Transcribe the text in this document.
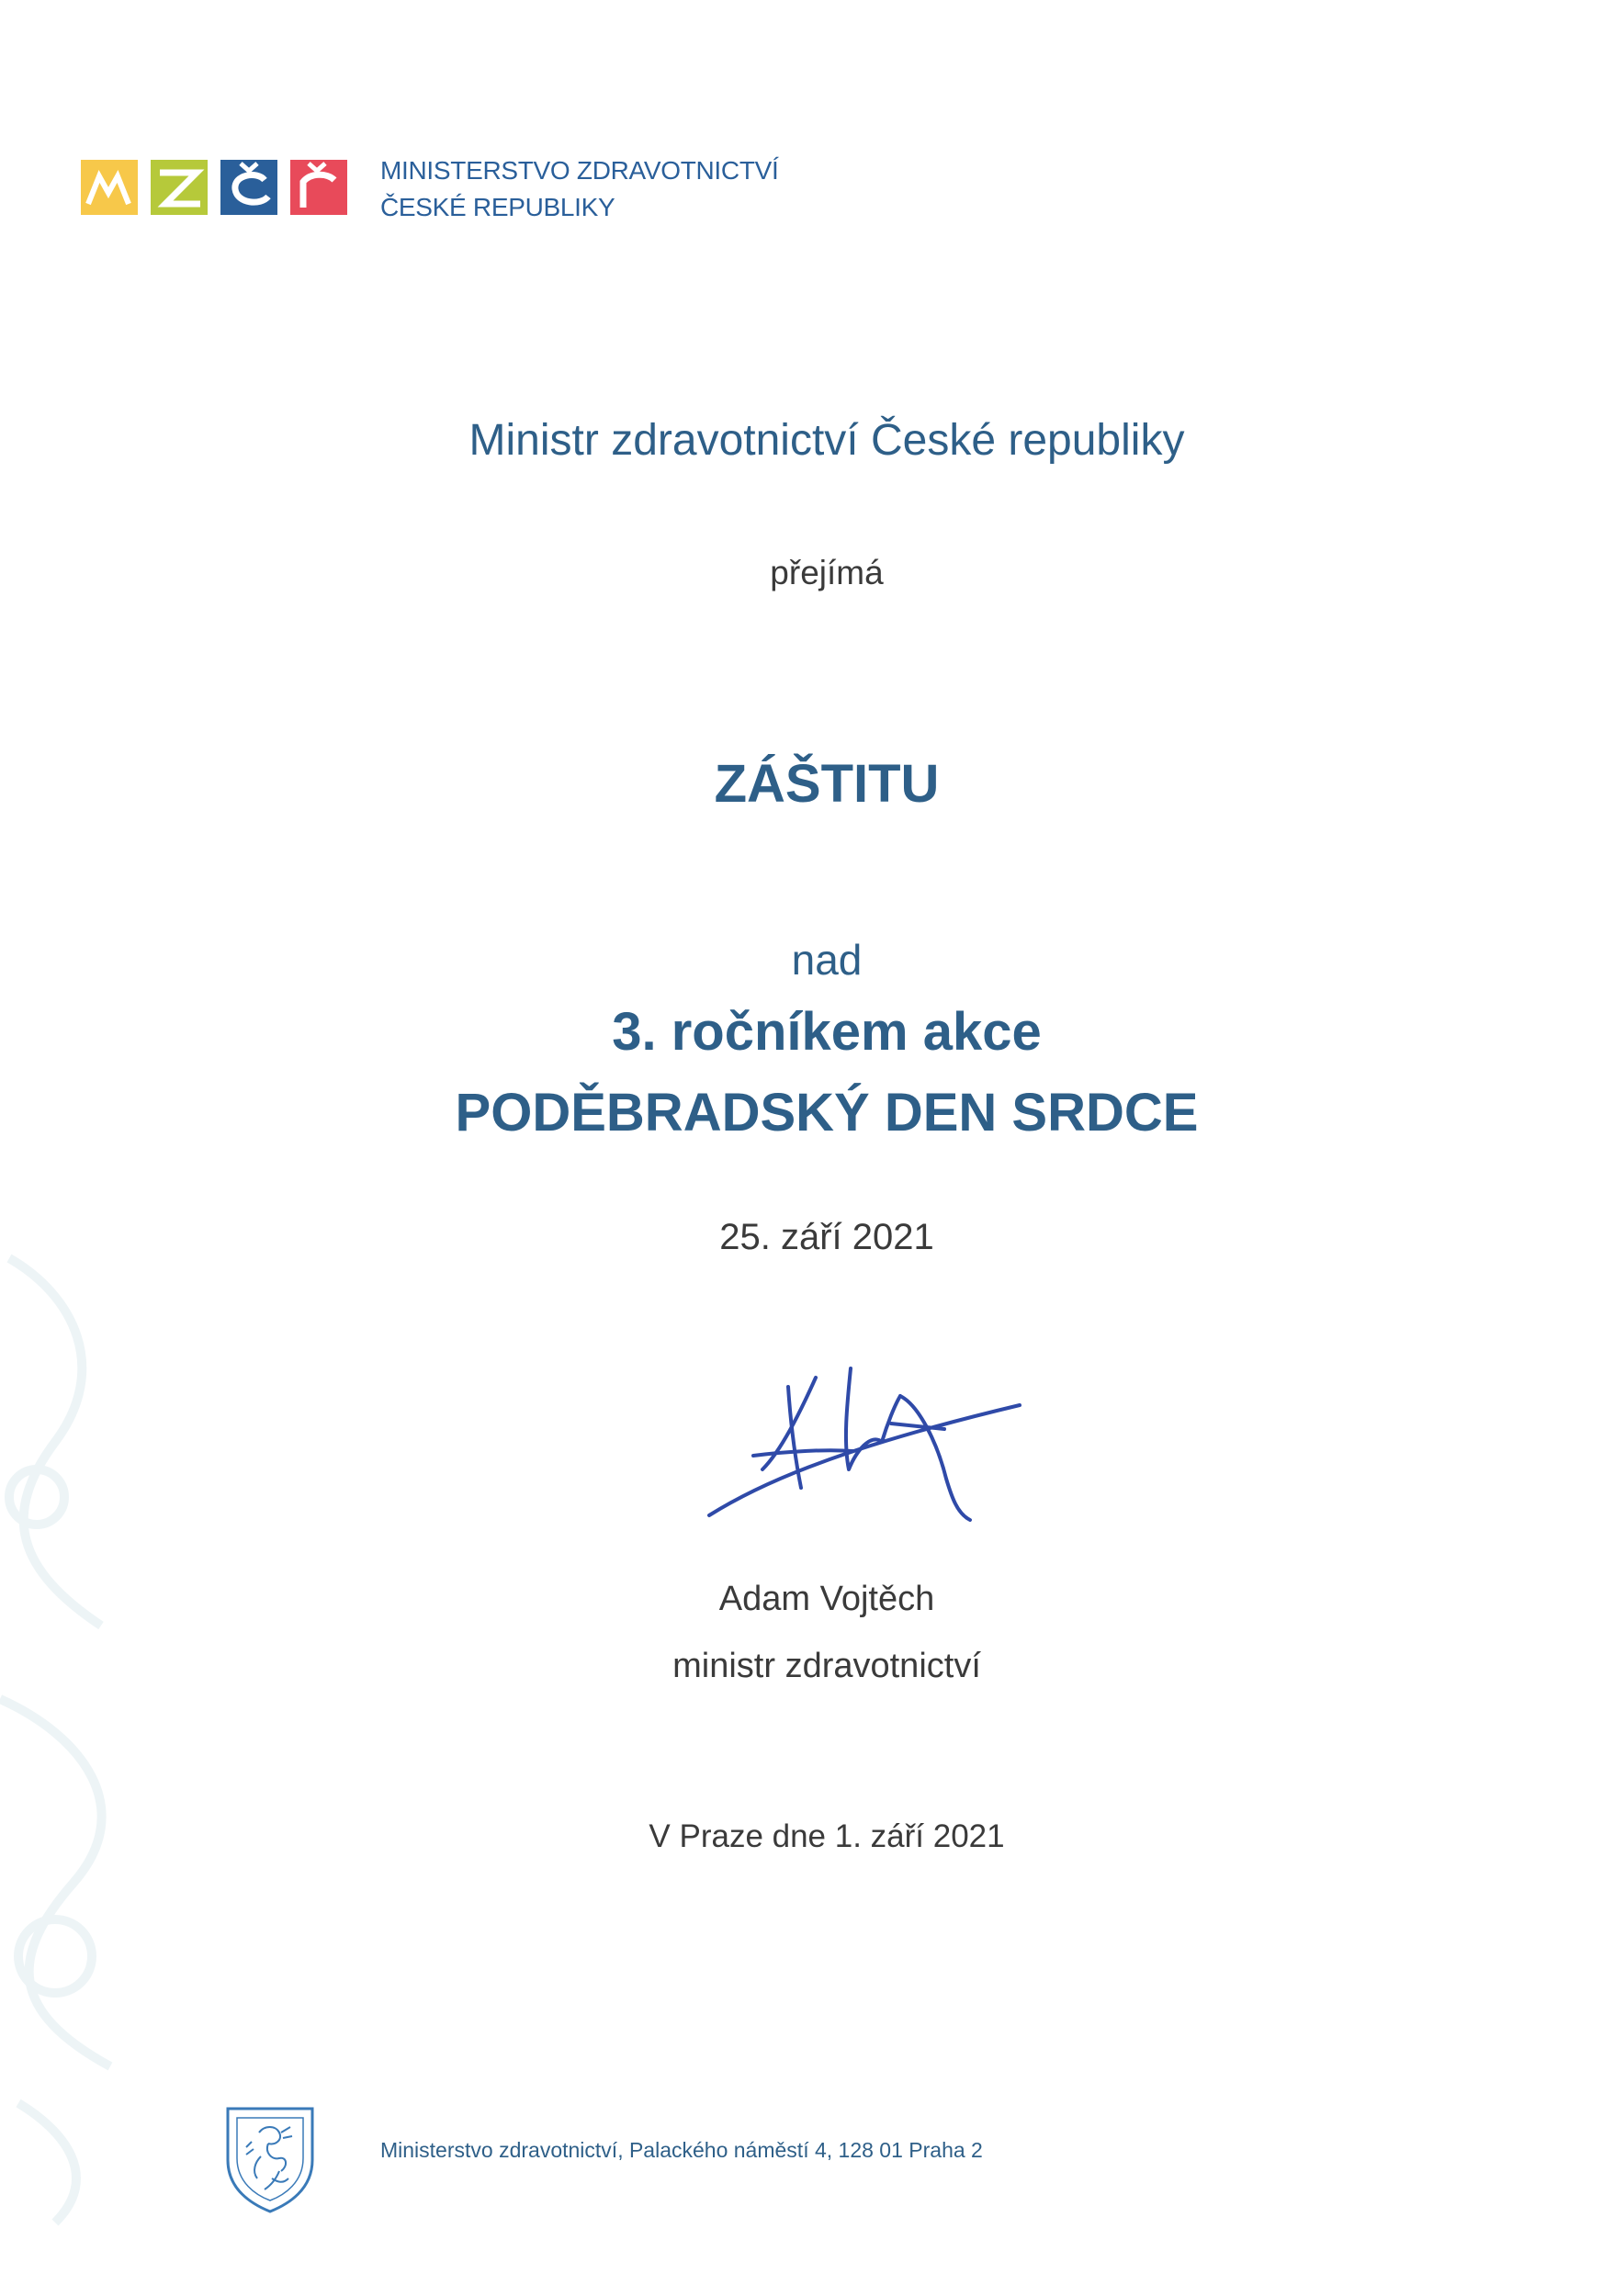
MINISTERSTVO ZDRAVOTNICTVÍ
ČESKÉ REPUBLIKY
Ministr zdravotnictví České republiky
přejímá
ZÁŠTITU
nad
3. ročníkem akce
PODĚBRADSKÝ DEN SRDCE
25. září 2021
Adam Vojtěch
ministr zdravotnictví
V Praze dne 1. září 2021
Ministerstvo zdravotnictví, Palackého náměstí 4, 128 01 Praha 2
